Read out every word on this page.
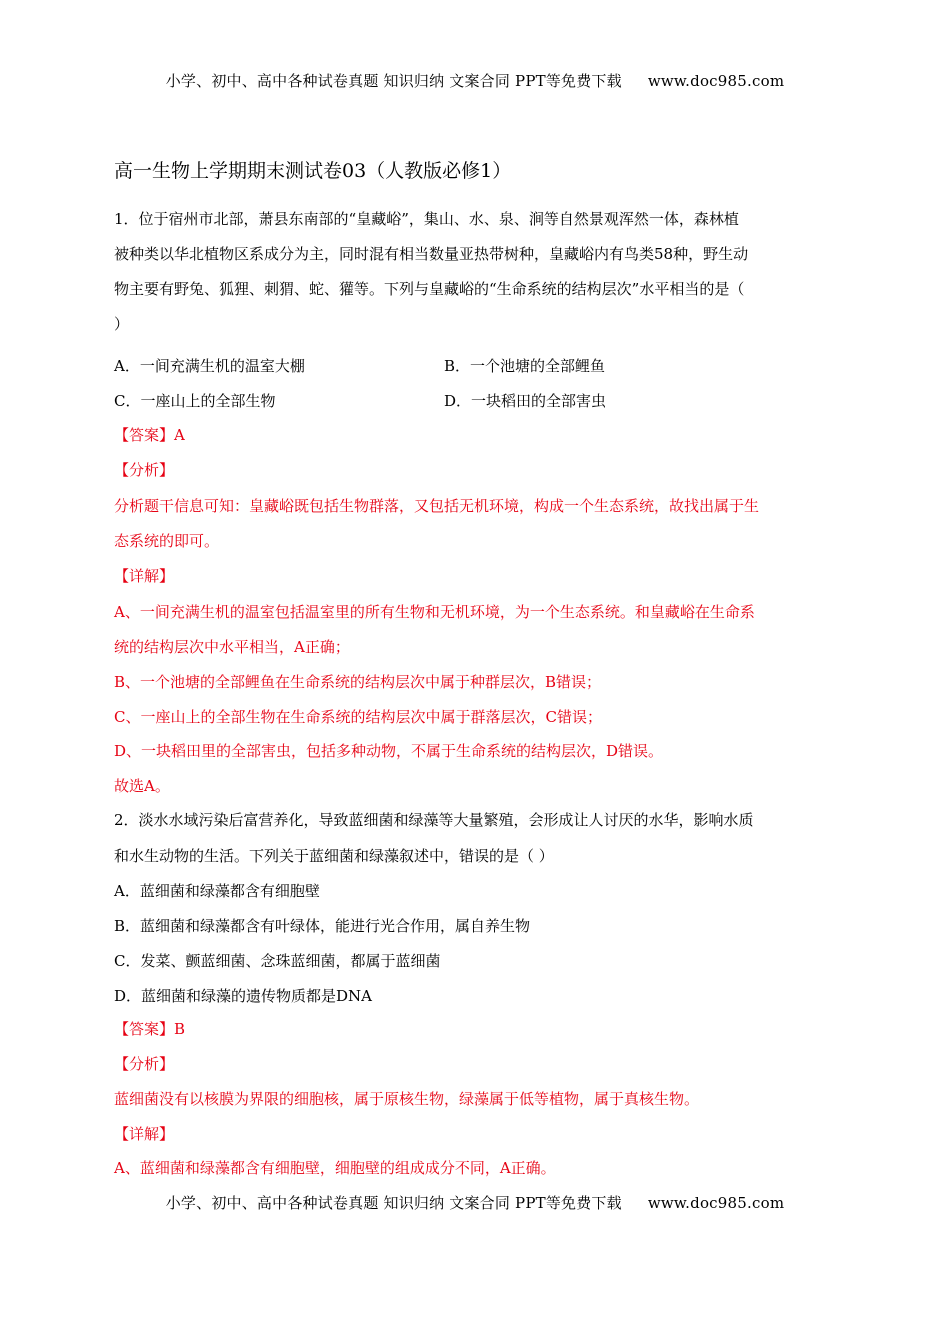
小学、初中、高中各种试卷真题 知识归纳 文案合同 PPT等免费下载 www.doc985.com
高一生物上学期期末测试卷03（人教版必修1）
1．位于宿州市北部，萧县东南部的“皇藏峪”，集山、水、泉、涧等自然景观浑然一体，森林植
被种类以华北植物区系成分为主，同时混有相当数量亚热带树种，皇藏峪内有鸟类58种，野生动
物主要有野兔、狐狸、刺猬、蛇、獾等。下列与皇藏峪的“生命系统的结构层次”水平相当的是（
）
A．一间充满生机的温室大棚	B．一个池塘的全部鲤鱼
C．一座山上的全部生物	D．一块稻田的全部害虫
【答案】A
【分析】
分析题干信息可知：皇藏峪既包括生物群落，又包括无机环境，构成一个生态系统，故找出属于生
态系统的即可。
【详解】
A、一间充满生机的温室包括温室里的所有生物和无机环境，为一个生态系统。和皇藏峪在生命系
统的结构层次中水平相当，A正确；
B、一个池塘的全部鲤鱼在生命系统的结构层次中属于种群层次，B错误；
C、一座山上的全部生物在生命系统的结构层次中属于群落层次，C错误；
D、一块稻田里的全部害虫，包括多种动物，不属于生命系统的结构层次，D错误。
故选A。
2．淡水水域污染后富营养化，导致蓝细菌和绿藻等大量繁殖，会形成让人讨厌的水华，影响水质
和水生动物的生活。下列关于蓝细菌和绿藻叙述中，错误的是（ ）
A．蓝细菌和绿藻都含有细胞壁
B．蓝细菌和绿藻都含有叶绿体，能进行光合作用，属自养生物
C．发菜、颤蓝细菌、念珠蓝细菌，都属于蓝细菌
D．蓝细菌和绿藻的遗传物质都是DNA
【答案】B
【分析】
蓝细菌没有以核膜为界限的细胞核，属于原核生物，绿藻属于低等植物，属于真核生物。
【详解】
A、蓝细菌和绿藻都含有细胞壁，细胞壁的组成成分不同，A正确。
小学、初中、高中各种试卷真题 知识归纳 文案合同 PPT等免费下载 www.doc985.com
